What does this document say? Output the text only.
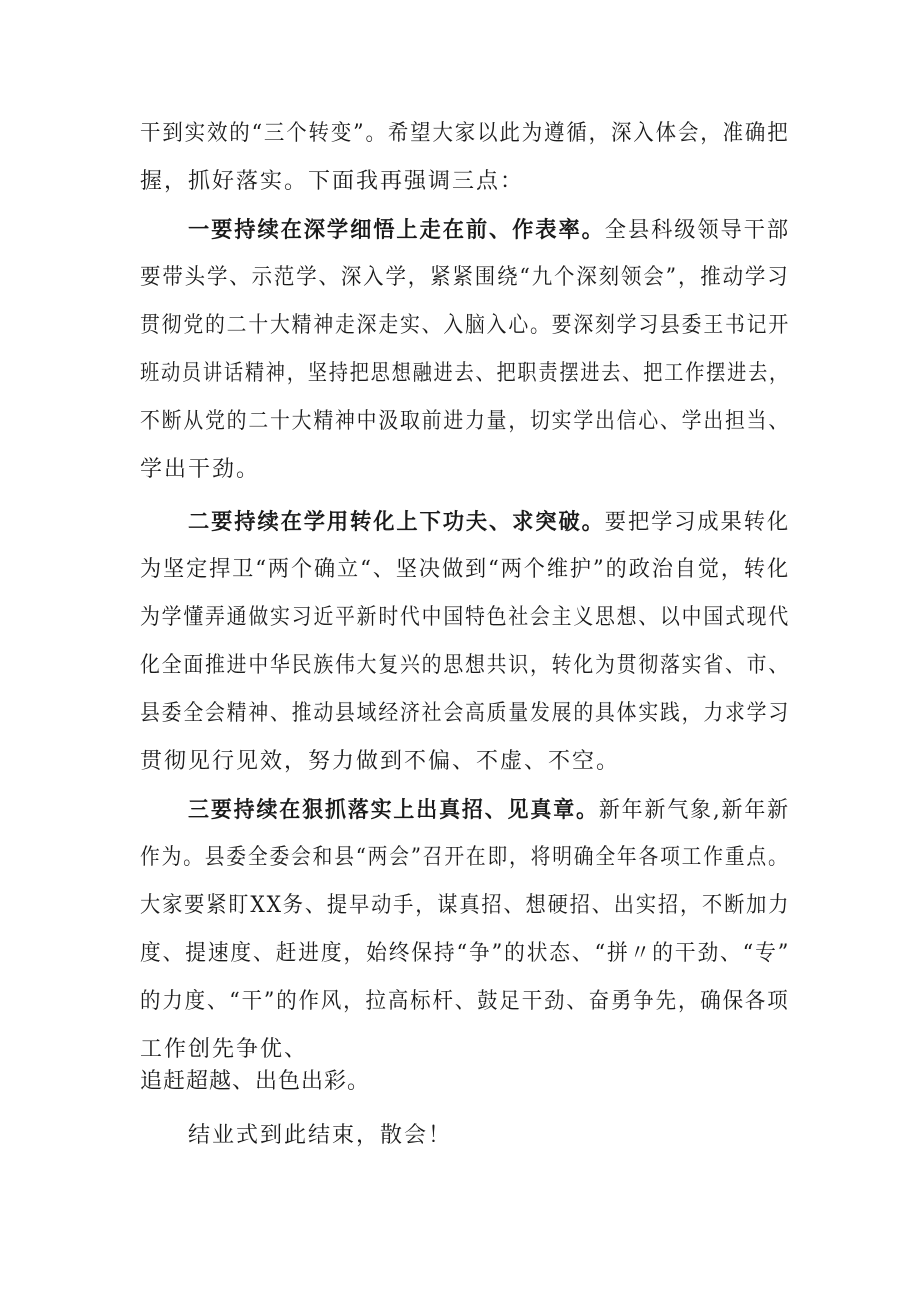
干到实效的“三个转变”。希望大家以此为遵循，深入体会，准确把
握，抓好落实。下面我再强调三点：
一要持续在深学细悟上走在前、作表率。全县科级领导干部
要带头学、示范学、深入学，紧紧围绕“九个深刻领会”，推动学习
贯彻党的二十大精神走深走实、入脑入心。要深刻学习县委王书记开
班动员讲话精神，坚持把思想融进去、把职责摆进去、把工作摆进去，
不断从党的二十大精神中汲取前进力量，切实学出信心、学出担当、
学出干劲。
二要持续在学用转化上下功夫、求突破。要把学习成果转化
为坚定捍卫“两个确立“、坚决做到“两个维护”的政治自觉，转化
为学懂弄通做实习近平新时代中国特色社会主义思想、以中国式现代
化全面推进中华民族伟大复兴的思想共识，转化为贯彻落实省、市、
县委全会精神、推动县域经济社会高质量发展的具体实践，力求学习
贯彻见行见效，努力做到不偏、不虚、不空。
三要持续在狠抓落实上出真招、见真章。新年新气象,新年新
作为。县委全委会和县“两会”召开在即，将明确全年各项工作重点。
大家要紧盯XX务、提早动手，谋真招、想硬招、出实招，不断加力
度、提速度、赶进度，始终保持“争”的状态、“拼〃的干劲、“专”
的力度、“干”的作风，拉高标杆、鼓足干劲、奋勇争先，确保各项
工作创先争优、
追赶超越、出色出彩。
结业式到此结束，散会！
